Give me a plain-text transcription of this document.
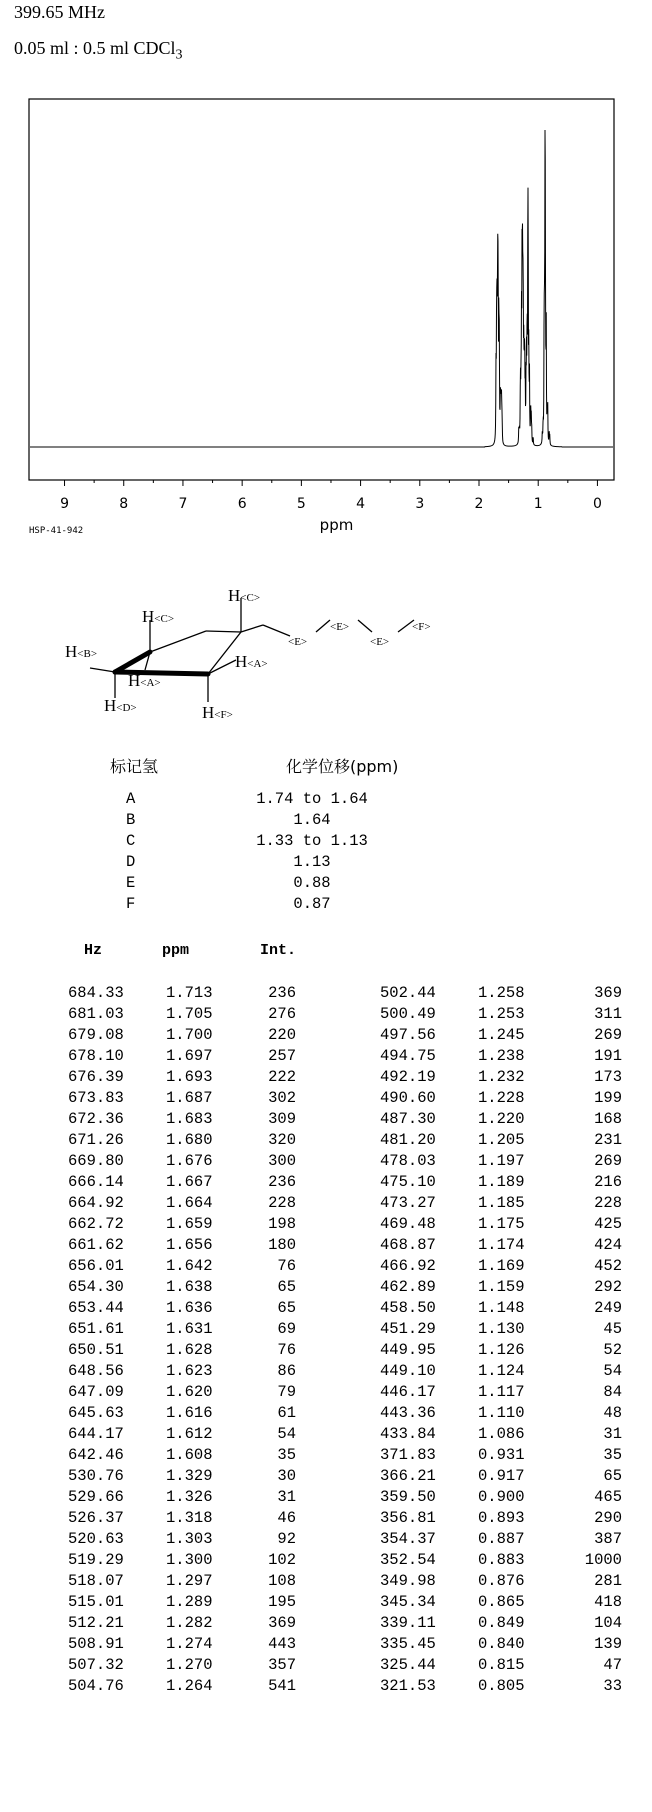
399.65 MHz
0.05 ml : 0.5 ml CDCl$_3$
9	8	7	6	5	4	3	2	1	0
ppm
HSP-41-942
H<C>
H<C>
H<B>	H<A>
H<A>
H<D>	H<F>
<E>
<E>
<E>
<F>
标记氢	化学位移(ppm)
A	1.74 to 1.64
B	1.64
C	1.33 to 1.13
D	1.13
E	0.88
F	0.87
Hz	ppm	Int.
684.33	1.713	236
681.03	1.705	276
679.08	1.700	220
678.10	1.697	257
676.39	1.693	222
673.83	1.687	302
672.36	1.683	309
671.26	1.680	320
669.80	1.676	300
666.14	1.667	236
664.92	1.664	228
662.72	1.659	198
661.62	1.656	180
656.01	1.642	76
654.30	1.638	65
653.44	1.636	65
651.61	1.631	69
650.51	1.628	76
648.56	1.623	86
647.09	1.620	79
645.63	1.616	61
644.17	1.612	54
642.46	1.608	35
530.76	1.329	30
529.66	1.326	31
526.37	1.318	46
520.63	1.303	92
519.29	1.300	102
518.07	1.297	108
515.01	1.289	195
512.21	1.282	369
508.91	1.274	443
507.32	1.270	357
504.76	1.264	541
502.44	1.258	369
500.49	1.253	311
497.56	1.245	269
494.75	1.238	191
492.19	1.232	173
490.60	1.228	199
487.30	1.220	168
481.20	1.205	231
478.03	1.197	269
475.10	1.189	216
473.27	1.185	228
469.48	1.175	425
468.87	1.174	424
466.92	1.169	452
462.89	1.159	292
458.50	1.148	249
451.29	1.130	45
449.95	1.126	52
449.10	1.124	54
446.17	1.117	84
443.36	1.110	48
433.84	1.086	31
371.83	0.931	35
366.21	0.917	65
359.50	0.900	465
356.81	0.893	290
354.37	0.887	387
352.54	0.883	1000
349.98	0.876	281
345.34	0.865	418
339.11	0.849	104
335.45	0.840	139
325.44	0.815	47
321.53	0.805	33
